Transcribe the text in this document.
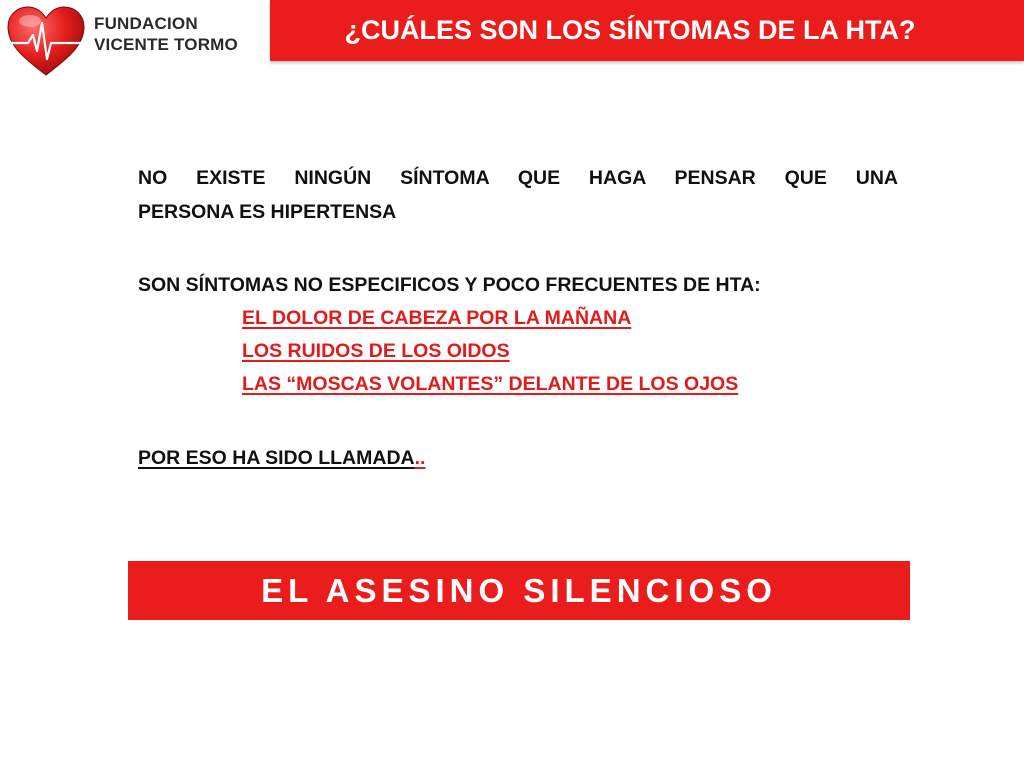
FUNDACION
VICENTE TORMO	¿CUÁLES SON LOS SÍNTOMAS DE LA HTA?
NO EXISTE NINGÚN SÍNTOMA QUE HAGA PENSAR QUE UNA
PERSONA ES HIPERTENSA
SON SÍNTOMAS NO ESPECIFICOS Y POCO FRECUENTES DE HTA:
EL DOLOR DE CABEZA POR LA MAÑANA
LOS RUIDOS DE LOS OIDOS
LAS “MOSCAS VOLANTES” DELANTE DE LOS OJOS
POR ESO HA SIDO LLAMADA..
EL ASESINO SILENCIOSO
